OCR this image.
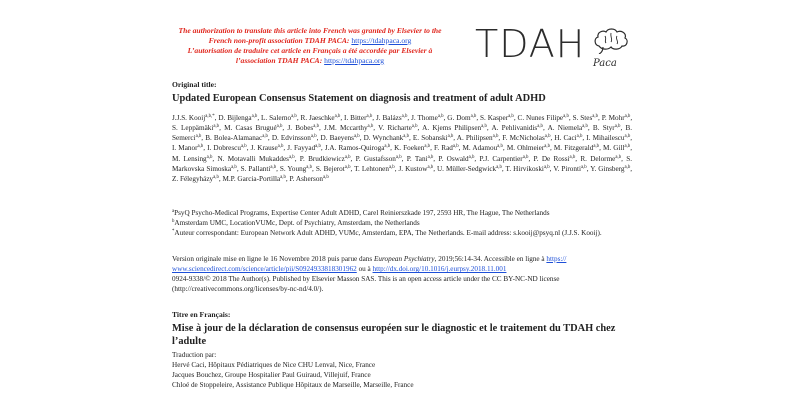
The authorization to translate this article into French was granted by Elsevier to the
French non-profit association TDAH PACA: https://tdahpaca.org
L’autorisation de traduire cet article en Français a été accordée par Elsevier à
l’association TDAH PACA: https://tdahpaca.org	TDAH Paca
Original title:
Updated European Consensus Statement on diagnosis and treatment of adult ADHD
J.J.S. Kooij$^{a,b,*}$, D. Bijlenga$^{a,b}$, L. Salerno$^{a,b}$, R. Jaeschke$^{a,b}$, I. Bitter$^{a,b}$, J. Balázs$^{a,b}$, J. Thome$^{a,b}$, G. Dom$^{a,b}$, S. Kasper$^{a,b}$, C. Nunes Filipe$^{a,b}$, S. Stes$^{a,b}$, P. Mohr$^{a,b}$, S. Leppämäki$^{a,b}$, M. Casas Brugué$^{a,b}$, J. Bobes$^{a,b}$, J.M. Mccarthy$^{a,b}$, V. Richarte$^{a,b}$, A. Kjems Philipsen$^{a,b}$, A. Pehlivanidis$^{a,b}$, A. Niemela$^{a,b}$, B. Styr$^{a,b}$, B. Semerci$^{a,b}$, B. Bolea-Alamanac$^{a,b}$, D. Edvinsson$^{a,b}$, D. Baeyens$^{a,b}$, D. Wynchank$^{a,b}$, E. Sobanski$^{a,b}$, A. Philipsen$^{a,b}$, F. McNicholas$^{a,b}$, H. Caci$^{a,b}$, I. Mihailescu$^{a,b}$, I. Manor$^{a,b}$, I. Dobrescu$^{a,b}$, J. Krause$^{a,b}$, J. Fayyad$^{a,b}$, J.A. Ramos-Quiroga$^{a,b}$, K. Foeken$^{a,b}$, F. Rad$^{a,b}$, M. Adamou$^{a,b}$, M. Ohlmeier$^{a,b}$, M. Fitzgerald$^{a,b}$, M. Gill$^{a,b}$, M. Lensing$^{a,b}$, N. Motavalli Mukaddes$^{a,b}$, P. Brudkiewicz$^{a,b}$, P. Gustafsson$^{a,b}$, P. Tani$^{a,b}$, P. Oswald$^{a,b}$, P.J. Carpentier$^{a,b}$, P. De Rossi$^{a,b}$, R. Delorme$^{a,b}$, S. Markovska Simoska$^{a,b}$, S. Pallanti$^{a,b}$, S. Young$^{a,b}$, S. Bejerot$^{a,b}$, T. Lehtonen$^{a,b}$, J. Kustow$^{a,b}$, U. Müller-Sedgwick$^{a,b}$, T. Hirvikoski$^{a,b}$, V. Pironti$^{a,b}$, Y. Ginsberg$^{a,b}$, Z. Félegyházy$^{a,b}$, M.P. Garcia-Portilla$^{a,b}$, P. Asherson$^{a,b}$
$^a$PsyQ Psycho-Medical Programs, Expertise Center Adult ADHD, Carel Reinierszkade 197, 2593 HR, The Hague, The Netherlands
$^b$Amsterdam UMC, LocationVUMc, Dept. of Psychiatry, Amsterdam, the Netherlands
*Auteur correspondant: European Network Adult ADHD, VUMc, Amsterdam, EPA, The Netherlands. E-mail address: s.kooij@psyq.nl (J.J.S. Kooij).
Version originale mise en ligne le 16 Novembre 2018 puis parue dans European Psychiatry, 2019;56:14-34. Accessible en ligne à https://
www.sciencedirect.com/science/article/pii/S0924933818301962 ou à http://dx.doi.org/10.1016/j.eurpsy.2018.11.001
0924-9338/© 2018 The Author(s). Published by Elsevier Masson SAS. This is an open access article under the CC BY-NC-ND license (http://creativecommons.org/licenses/by-nc-nd/4.0/).
Titre en Français:
Mise à jour de la déclaration de consensus européen sur le diagnostic et le traitement du TDAH chez l’adulte
Traduction par:
Hervé Caci, Hôpitaux Pédiatriques de Nice CHU Lenval, Nice, France
Jacques Bouchez, Groupe Hospitalier Paul Guiraud, Villejuif, France
Chloé de Stoppeleire, Assistance Publique Hôpitaux de Marseille, Marseille, France
